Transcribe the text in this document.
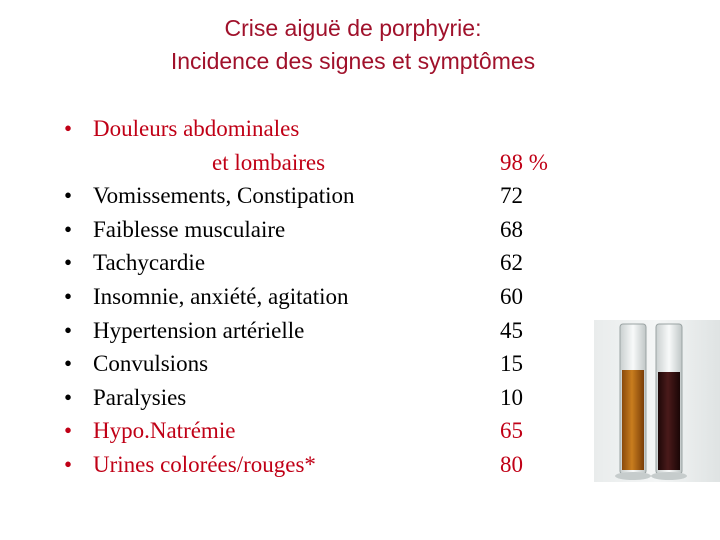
Crise aiguë de porphyrie:
Incidence des signes et symptômes
• Douleurs abdominales
et lombaires	98 %
• Vomissements, Constipation	72
• Faiblesse musculaire	68
• Tachycardie	62
• Insomnie, anxiété, agitation	60
• Hypertension artérielle	45
• Convulsions	15
• Paralysies	10
• Hypo.Natrémie	65
• Urines colorées/rouges*	80
